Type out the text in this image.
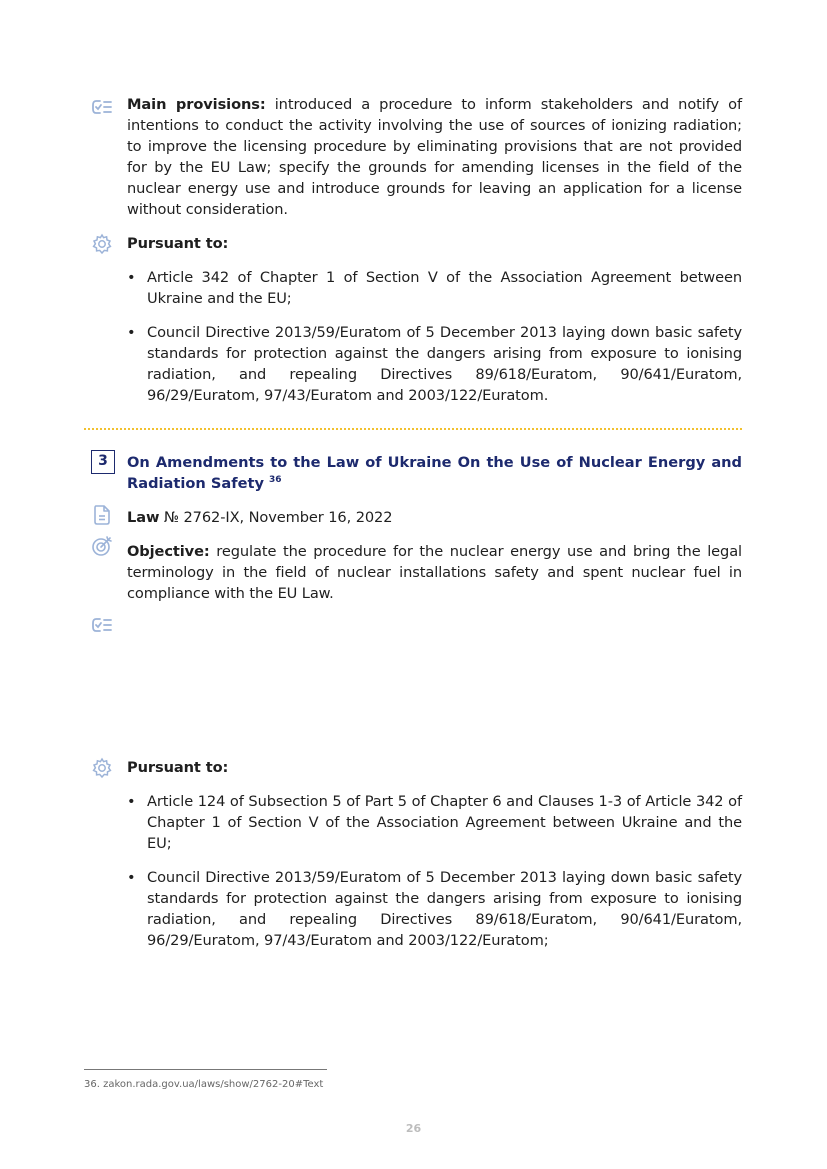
Main provisions: introduced a procedure to inform stakeholders and notify of intentions to conduct the activity involving the use of sources of ionizing radiation; to improve the licensing procedure by eliminating provisions that are not provided for by the EU Law; specify the grounds for amending licenses in the field of the nuclear energy use and introduce grounds for leaving an application for a license without consideration.
Pursuant to:
• Article 342 of Chapter 1 of Section V of the Association Agreement between Ukraine and the EU;
• Council Directive 2013/59/Euratom of 5 December 2013 laying down basic safety standards for protection against the dangers arising from exposure to ionising radiation, and repealing Directives 89/618/Euratom, 90/641/Euratom, 96/29/Euratom, 97/43/Euratom and 2003/122/Euratom.
3	On Amendments to the Law of Ukraine On the Use of Nuclear Energy and Radiation Safety $^{36}$
Law № 2762-IX, November 16, 2022
Objective: regulate the procedure for the nuclear energy use and bring the legal terminology in the field of nuclear installations safety and spent nuclear fuel in compliance with the EU Law.
Pursuant to:
• Article 124 of Subsection 5 of Part 5 of Chapter 6 and Clauses 1-3 of Article 342 of Chapter 1 of Section V of the Association Agreement between Ukraine and the EU;
• Council Directive 2013/59/Euratom of 5 December 2013 laying down basic safety standards for protection against the dangers arising from exposure to ionising radiation, and repealing Directives 89/618/Euratom, 90/641/Euratom, 96/29/Euratom, 97/43/Euratom and 2003/122/Euratom;
36. zakon.rada.gov.ua/laws/show/2762-20#Text
26
